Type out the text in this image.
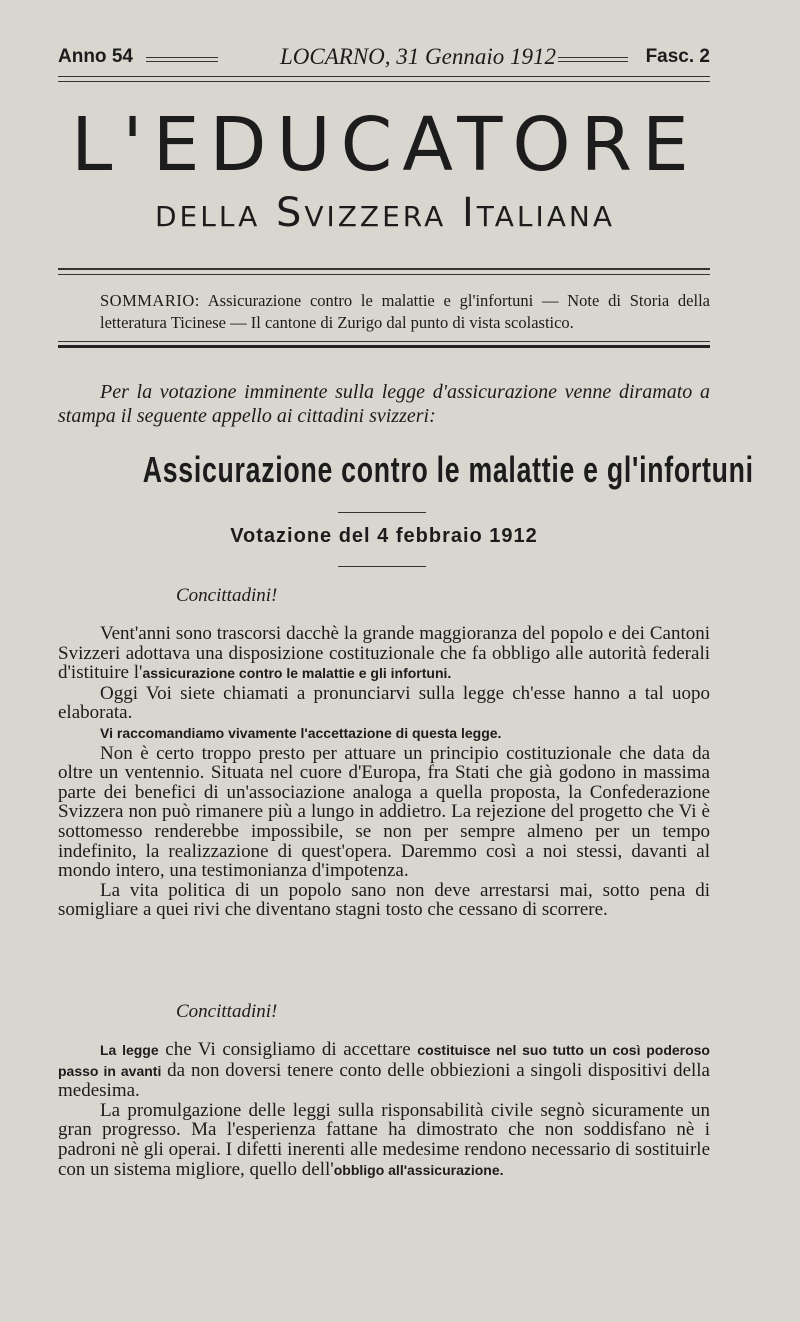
Anno 54	LOCARNO, 31 Gennaio 1912	Fasc. 2
L'EDUCATORE
della Svizzera Italiana
SOMMARIO: Assicurazione contro le malattie e gl'infortuni — Note di Storia della letteratura Ticinese — Il cantone di Zurigo dal punto di vista scolastico.
Per la votazione imminente sulla legge d'assicurazione venne diramato a stampa il seguente appello ai cittadini svizzeri:
Assicurazione contro le malattie e gl'infortuni
Votazione del 4 febbraio 1912
Concittadini!

Vent'anni sono trascorsi dacchè la grande maggioranza del popolo e dei Cantoni Svizzeri adottava una disposizione costituzionale che fa obbligo alle autorità federali d'istituire l'assicurazione contro le malattie e gli infortuni.

Oggi Voi siete chiamati a pronunciarvi sulla legge ch'esse hanno a tal uopo elaborata.

Vi raccomandiamo vivamente l'accettazione di questa legge.

Non è certo troppo presto per attuare un principio costituzionale che data da oltre un ventennio. Situata nel cuore d'Europa, fra Stati che già godono in massima parte dei benefici di un'associazione analoga a quella proposta, la Confederazione Svizzera non può rimanere più a lungo in addietro. La rejezione del progetto che Vi è sottomesso renderebbe impossibile, se non per sempre almeno per un tempo indefinito, la realizzazione di quest'opera. Daremmo così a noi stessi, davanti al mondo intero, una testimonianza d'impotenza.

La vita politica di un popolo sano non deve arrestarsi mai, sotto pena di somigliare a quei rivi che diventano stagni tosto che cessano di scorrere.

Concittadini!

La legge che Vi consigliamo di accettare costituisce nel suo tutto un così poderoso passo in avanti da non doversi tenere conto delle obbiezioni a singoli dispositivi della medesima.

La promulgazione delle leggi sulla risponsabilità civile segnò sicuramente un gran progresso. Ma l'esperienza fattane ha dimostrato che non soddisfano nè i padroni nè gli operai. I difetti inerenti alle medesime rendono necessario di sostituirle con un sistema migliore, quello dell'obbligo all'assicurazione.
